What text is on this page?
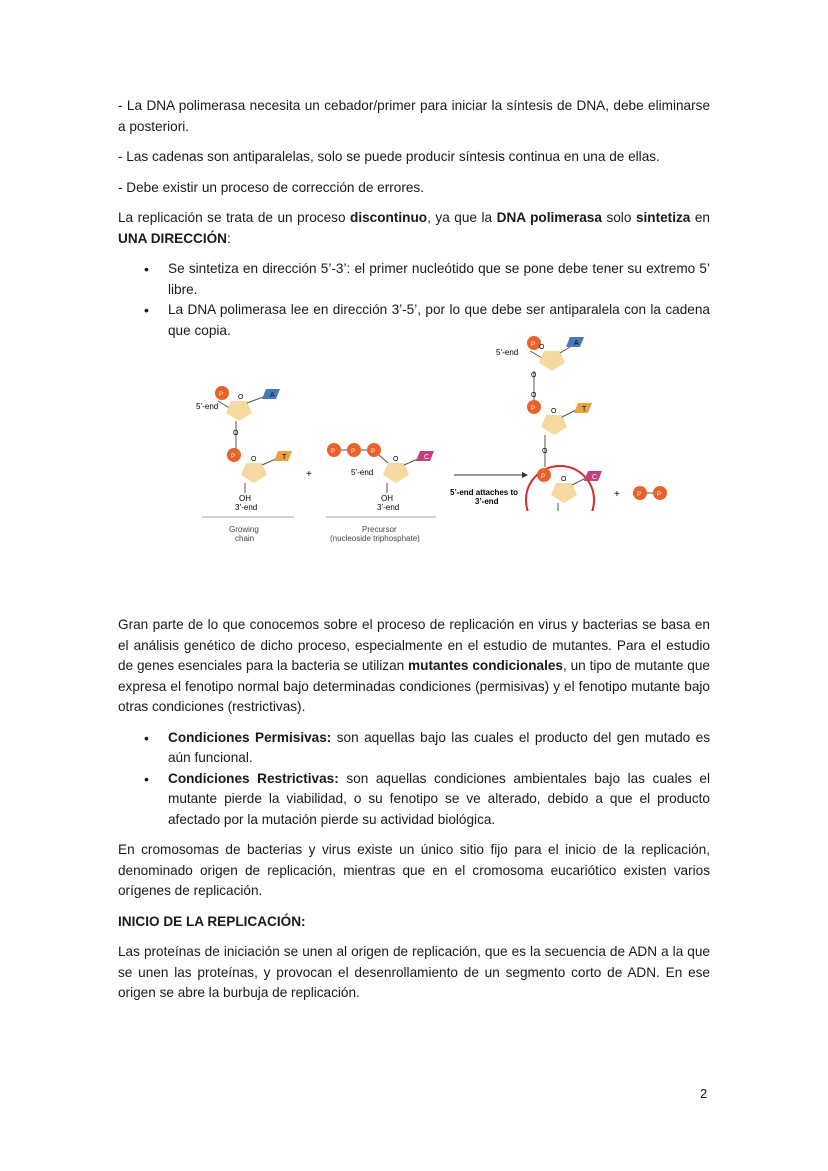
- La DNA polimerasa necesita un cebador/primer para iniciar la síntesis de DNA, debe eliminarse a posteriori.

- Las cadenas son antiparalelas, solo se puede producir síntesis continua en una de ellas.

- Debe existir un proceso de corrección de errores.

La replicación se trata de un proceso discontinuo, ya que la DNA polimerasa solo sintetiza en UNA DIRECCIÓN:

• Se sintetiza en dirección 5’-3’: el primer nucleótido que se pone debe tener su extremo 5’ libre.
• La DNA polimerasa lee en dirección 3’-5’, por lo que debe ser antiparalela con la cadena que copia.
5’-end
P O	A
O
P O	T
OH
3’-end
Growing
chain
+
P	P	P
O	C
5’-end
OH
3’-end
Precursor
(nucleoside triphosphate)
5’-end attaches to
3’-end
P
5’-end
O
A
O
O
P O	T
O
P O	C
+	P	P

Gran parte de lo que conocemos sobre el proceso de replicación en virus y bacterias se basa en el análisis genético de dicho proceso, especialmente en el estudio de mutantes. Para el estudio de genes esenciales para la bacteria se utilizan mutantes condicionales, un tipo de mutante que expresa el fenotipo normal bajo determinadas condiciones (permisivas) y el fenotipo mutante bajo otras condiciones (restrictivas).

• Condiciones Permisivas: son aquellas bajo las cuales el producto del gen mutado es aún funcional.
• Condiciones Restrictivas: son aquellas condiciones ambientales bajo las cuales el mutante pierde la viabilidad, o su fenotipo se ve alterado, debido a que el producto afectado por la mutación pierde su actividad biológica.

En cromosomas de bacterias y virus existe un único sitio fijo para el inicio de la replicación, denominado origen de replicación, mientras que en el cromosoma eucariótico existen varios orígenes de replicación.

INICIO DE LA REPLICACIÓN:

Las proteínas de iniciación se unen al origen de replicación, que es la secuencia de ADN a la que se unen las proteínas, y provocan el desenrollamiento de un segmento corto de ADN. En ese origen se abre la burbuja de replicación.

2
